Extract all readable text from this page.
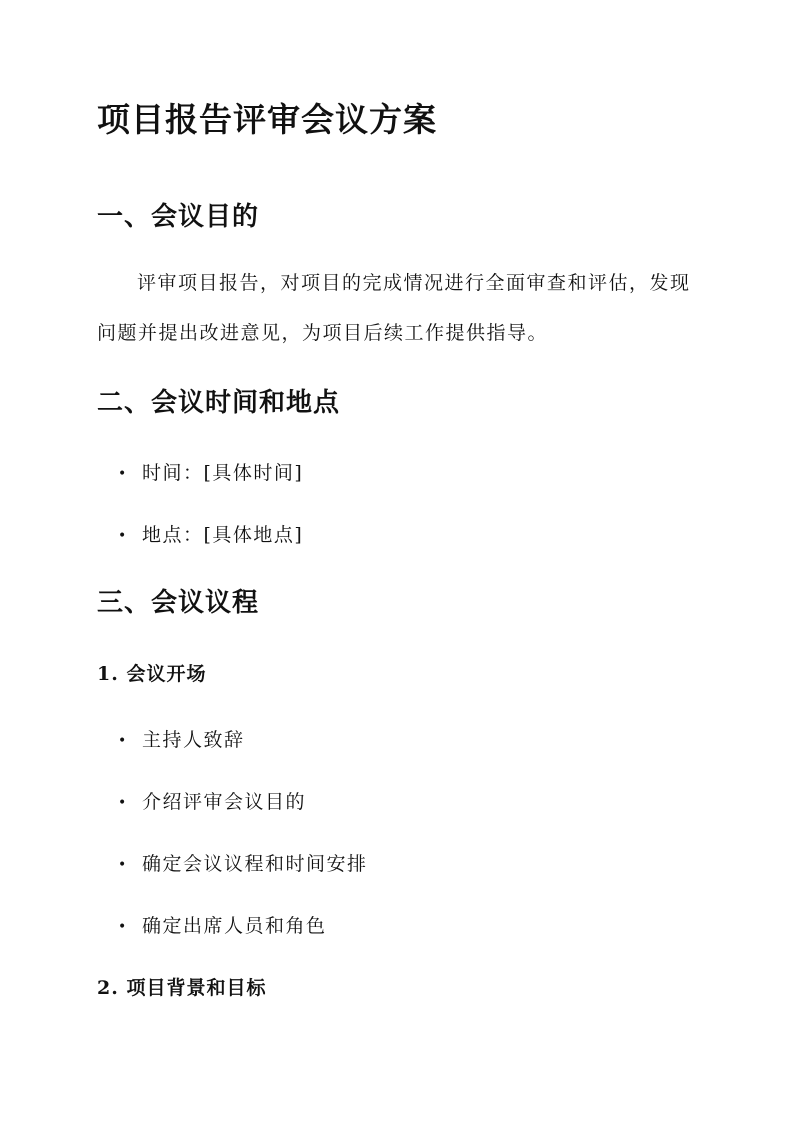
项目报告评审会议方案
一、会议目的

评审项目报告，对项目的完成情况进行全面审查和评估，发现问题并提出改进意见，为项目后续工作提供指导。

二、会议时间和地点
• 时间：[具体时间]
• 地点：[具体地点]
三、会议议程
1. 会议开场
• 主持人致辞
• 介绍评审会议目的
• 确定会议议程和时间安排
• 确定出席人员和角色
2. 项目背景和目标
